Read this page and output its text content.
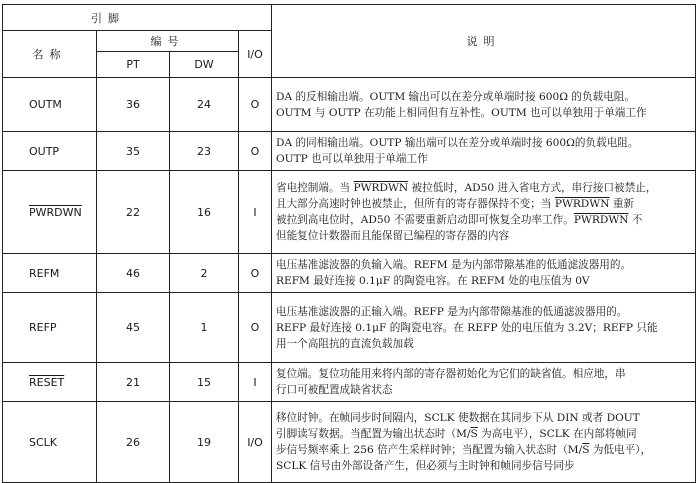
引脚				说明
名称	编号		I/O	
	PT	DW		
OUTM	36	24	O	DA 的反相输出端。OUTM 输出可以在差分或单端时接 600Ω 的负载电阻。
OUTM 与 OUTP 在功能上相同但有互补性。OUTM 也可以单独用于单端工作

OUTP	35	23	O	DA 的同相输出端。OUTP 输出端可以在差分或单端时接 600Ω的负载电阻。
OUTP 也可以单独用于单端工作

PWRDWN	22	16	I	省电控制端。当 PWRDWN 被拉低时，AD50 进入省电方式，串行接口被禁止，
且大部分高速时钟也被禁止，但所有的寄存器保持不变；当 PWRDWN 重新
被拉到高电位时，AD50 不需要重新启动即可恢复全功率工作。PWRDWN 不
但能复位计数器而且能保留已编程的寄存器的内容

REFM	46	2	O	电压基准滤波器的负输入端。REFM 是为内部带隙基准的低通滤波器用的。
REFM 最好连接 0.1μF 的陶瓷电容。在 REFM 处的电压值为 0V

REFP	45	1	O	电压基准滤波器的正输入端。REFP 是为内部带隙基准的低通滤波器用的。
REFP 最好连接 0.1μF 的陶瓷电容。在 REFP 处的电压值为 3.2V；REFP 只能
用一个高阻抗的直流负载加载

RESET	21	15	I	复位端。复位功能用来将内部的寄存器初始化为它们的缺省值。相应地，串
行口可被配置成缺省状态

SCLK	26	19	I/O	移位时钟。在帧同步时间隔内，SCLK 使数据在其同步下从 DIN 或者 DOUT
引脚读写数据。当配置为输出状态时（$M/\overline{S}$ 为高电平），SCLK 在内部将帧同
步信号频率乘上 256 倍产生采样时钟；当配置为输入状态时（$M/\overline{S}$ 为低电平），
SCLK 信号由外部设备产生，但必须与主时钟和帧同步信号同步
